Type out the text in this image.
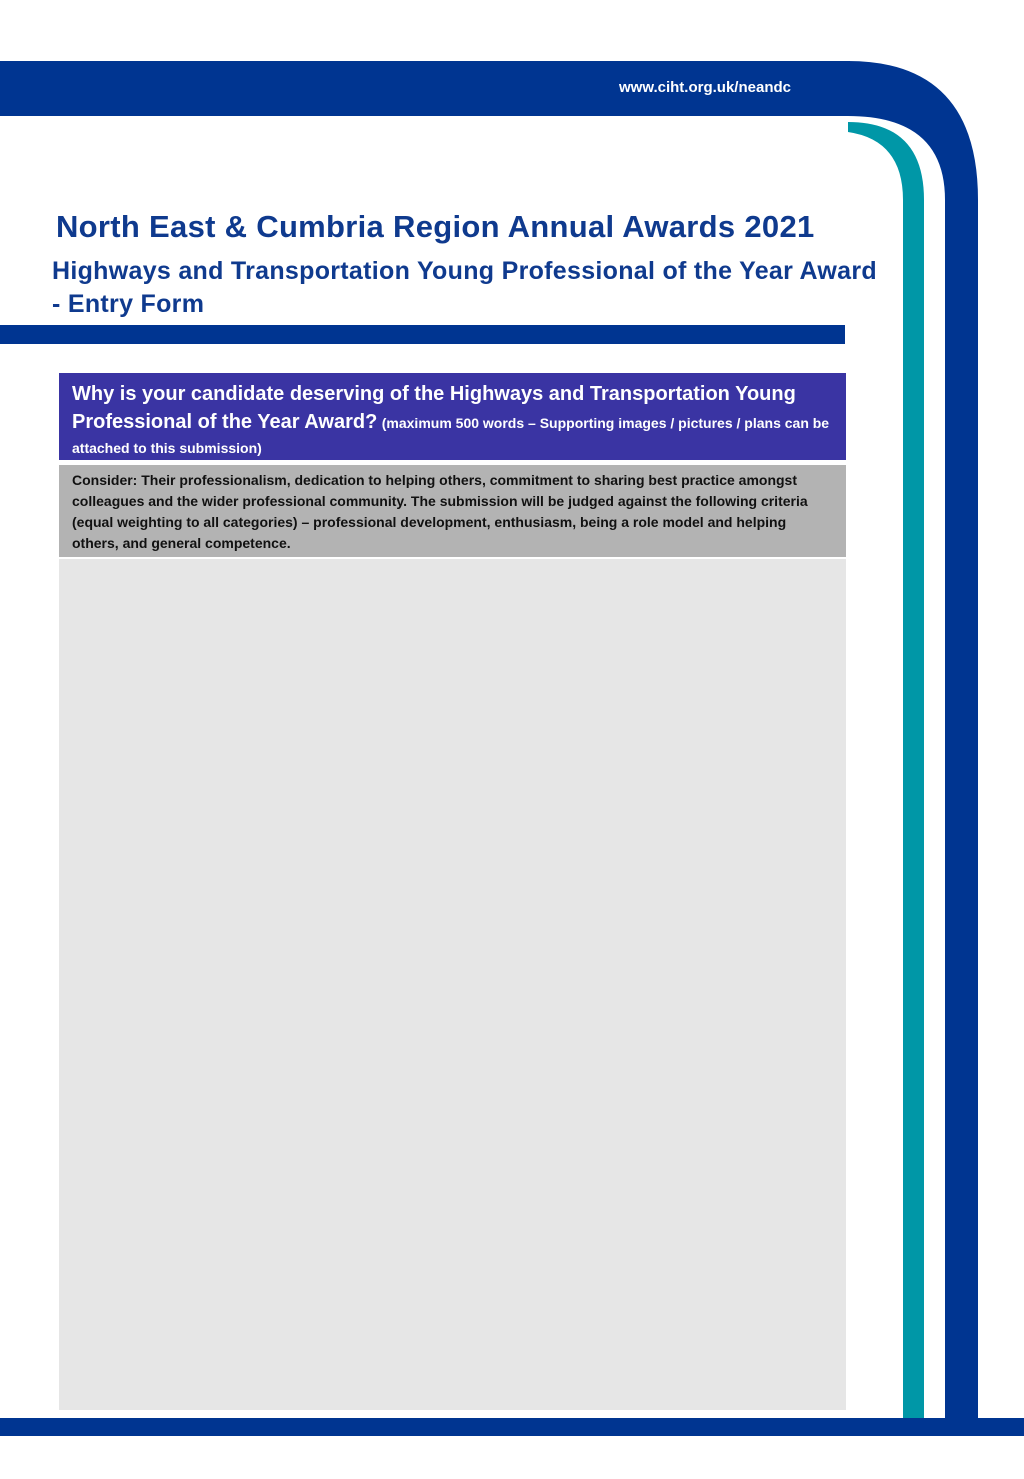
www.ciht.org.uk/neandc
North East & Cumbria Region Annual Awards 2021
Highways and Transportation Young Professional of the Year Award - Entry Form
Why is your candidate deserving of the Highways and Transportation Young Professional of the Year Award? (maximum 500 words – Supporting images / pictures / plans can be attached to this submission)
Consider: Their professionalism, dedication to helping others, commitment to sharing best practice amongst colleagues and the wider professional community. The submission will be judged against the following criteria (equal weighting to all categories) – professional development, enthusiasm, being a role model and helping others, and general competence.
